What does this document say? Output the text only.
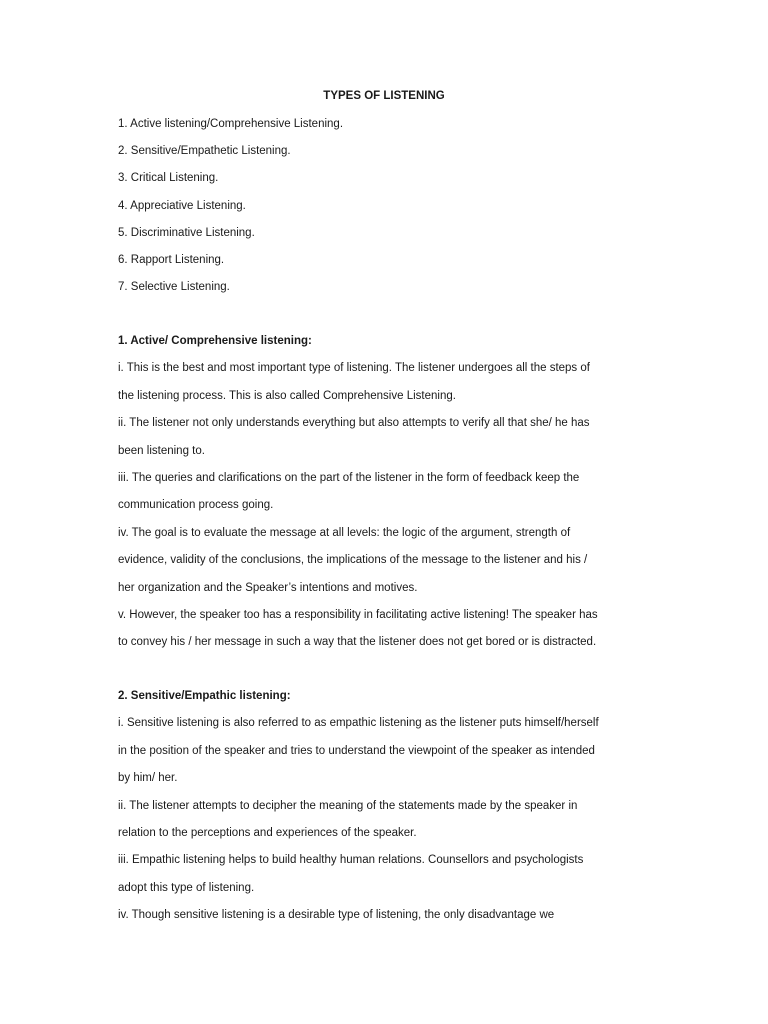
TYPES OF LISTENING
1. Active listening/Comprehensive Listening.
2. Sensitive/Empathetic Listening.
3. Critical Listening.
4. Appreciative Listening.
5. Discriminative Listening.
6. Rapport Listening.
7. Selective Listening.
1. Active/ Comprehensive listening:
i. This is the best and most important type of listening. The listener undergoes all the steps of
the listening process. This is also called Comprehensive Listening.
ii. The listener not only understands everything but also attempts to verify all that she/ he has
been listening to.
iii. The queries and clarifications on the part of the listener in the form of feedback keep the
communication process going.
iv. The goal is to evaluate the message at all levels: the logic of the argument, strength of
evidence, validity of the conclusions, the implications of the message to the listener and his /
her organization and the Speaker’s intentions and motives.
v. However, the speaker too has a responsibility in facilitating active listening! The speaker has
to convey his / her message in such a way that the listener does not get bored or is distracted.
2. Sensitive/Empathic listening:
i. Sensitive listening is also referred to as empathic listening as the listener puts himself/herself
in the position of the speaker and tries to understand the viewpoint of the speaker as intended
by him/ her.
ii. The listener attempts to decipher the meaning of the statements made by the speaker in
relation to the perceptions and experiences of the speaker.
iii. Empathic listening helps to build healthy human relations. Counsellors and psychologists
adopt this type of listening.
iv. Though sensitive listening is a desirable type of listening, the only disadvantage we
